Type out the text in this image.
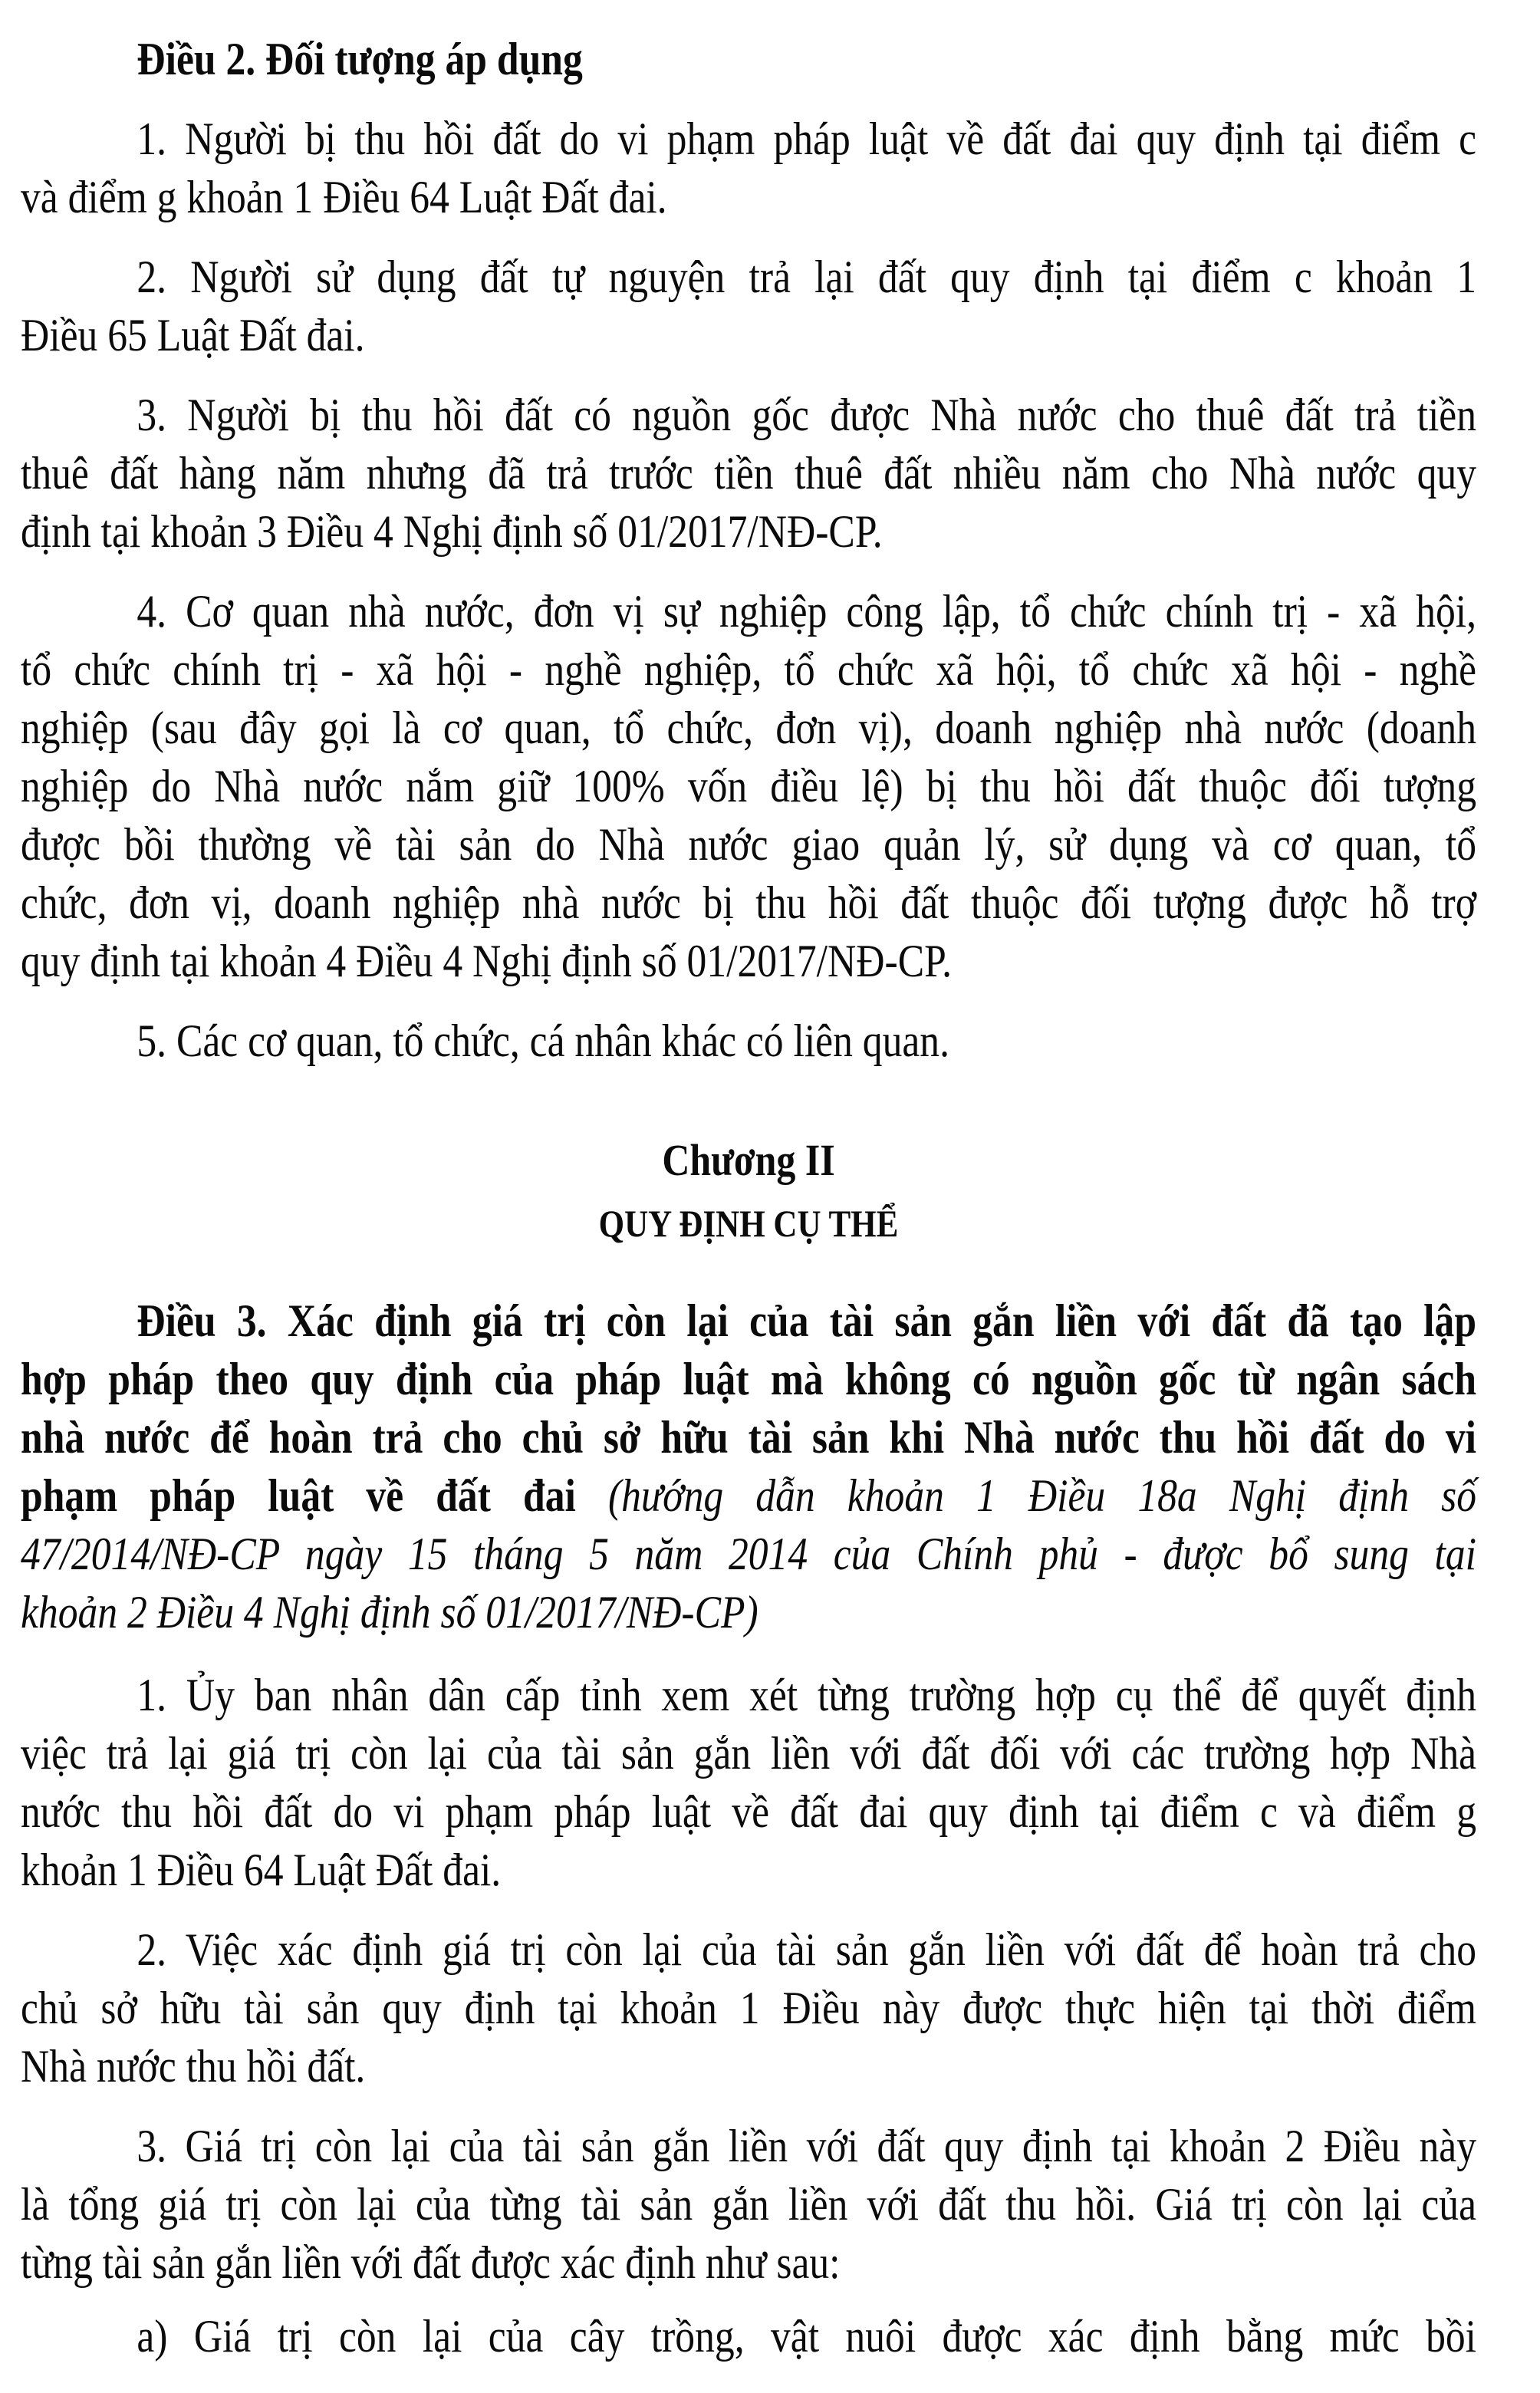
Điều 2. Đối tượng áp dụng
1. Người bị thu hồi đất do vi phạm pháp luật về đất đai quy định tại điểm c
và điểm g khoản 1 Điều 64 Luật Đất đai.
2. Người sử dụng đất tự nguyện trả lại đất quy định tại điểm c khoản 1
Điều 65 Luật Đất đai.
3. Người bị thu hồi đất có nguồn gốc được Nhà nước cho thuê đất trả tiền
thuê đất hàng năm nhưng đã trả trước tiền thuê đất nhiều năm cho Nhà nước quy
định tại khoản 3 Điều 4 Nghị định số 01/2017/NĐ-CP.
4. Cơ quan nhà nước, đơn vị sự nghiệp công lập, tổ chức chính trị - xã hội,
tổ chức chính trị - xã hội - nghề nghiệp, tổ chức xã hội, tổ chức xã hội - nghề
nghiệp (sau đây gọi là cơ quan, tổ chức, đơn vị), doanh nghiệp nhà nước (doanh
nghiệp do Nhà nước nắm giữ 100% vốn điều lệ) bị thu hồi đất thuộc đối tượng
được bồi thường về tài sản do Nhà nước giao quản lý, sử dụng và cơ quan, tổ
chức, đơn vị, doanh nghiệp nhà nước bị thu hồi đất thuộc đối tượng được hỗ trợ
quy định tại khoản 4 Điều 4 Nghị định số 01/2017/NĐ-CP.
5. Các cơ quan, tổ chức, cá nhân khác có liên quan.
Chương II
QUY ĐỊNH CỤ THỂ
Điều 3. Xác định giá trị còn lại của tài sản gắn liền với đất đã tạo lập
hợp pháp theo quy định của pháp luật mà không có nguồn gốc từ ngân sách
nhà nước để hoàn trả cho chủ sở hữu tài sản khi Nhà nước thu hồi đất do vi
phạm pháp luật về đất đai (hướng dẫn khoản 1 Điều 18a Nghị định số
47/2014/NĐ-CP ngày 15 tháng 5 năm 2014 của Chính phủ - được bổ sung tại
khoản 2 Điều 4 Nghị định số 01/2017/NĐ-CP)
1. Ủy ban nhân dân cấp tỉnh xem xét từng trường hợp cụ thể để quyết định
việc trả lại giá trị còn lại của tài sản gắn liền với đất đối với các trường hợp Nhà
nước thu hồi đất do vi phạm pháp luật về đất đai quy định tại điểm c và điểm g
khoản 1 Điều 64 Luật Đất đai.
2. Việc xác định giá trị còn lại của tài sản gắn liền với đất để hoàn trả cho
chủ sở hữu tài sản quy định tại khoản 1 Điều này được thực hiện tại thời điểm
Nhà nước thu hồi đất.
3. Giá trị còn lại của tài sản gắn liền với đất quy định tại khoản 2 Điều này
là tổng giá trị còn lại của từng tài sản gắn liền với đất thu hồi. Giá trị còn lại của
từng tài sản gắn liền với đất được xác định như sau:
a) Giá trị còn lại của cây trồng, vật nuôi được xác định bằng mức bồi
